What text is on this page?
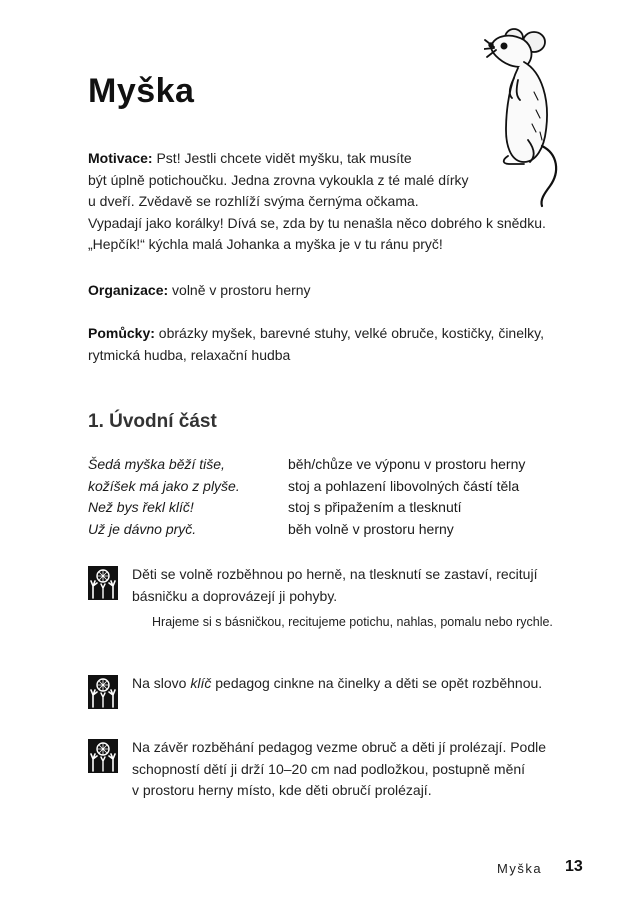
Myška
Motivace: Pst! Jestli chcete vidět myšku, tak musíte
být úplně potichoučku. Jedna zrovna vykoukla z té malé dírky
u dveří. Zvědavě se rozhlíží svýma černýma očkama.
Vypadají jako korálky! Dívá se, zda by tu nenašla něco dobrého k snědku.
„Hepčík!“ kýchla malá Johanka a myška je v tu ránu pryč!
Organizace: volně v prostoru herny
Pomůcky: obrázky myšek, barevné stuhy, velké obruče, kostičky, činelky,
rytmická hudba, relaxační hudba
1. Úvodní část
Šedá myška běží tiše,	běh/chůze ve výponu v prostoru herny
kožíšek má jako z plyše.	stoj a pohlazení libovolných částí těla
Než bys řekl klíč!	stoj s připažením a tlesknutí
Už je dávno pryč.	běh volně v prostoru herny
Děti se volně rozběhnou po herně, na tlesknutí se zastaví, recitují
básničku a doprovázejí ji pohyby.
Hrajeme si s básničkou, recitujeme potichu, nahlas, pomalu nebo rychle.
Na slovo klíč pedagog cinkne na činelky a děti se opět rozběhnou.
Na závěr rozběhání pedagog vezme obruč a děti jí prolézají. Podle
schopností dětí ji drží 10–20 cm nad podložkou, postupně mění
v prostoru herny místo, kde děti obručí prolézají.
Myška 13
